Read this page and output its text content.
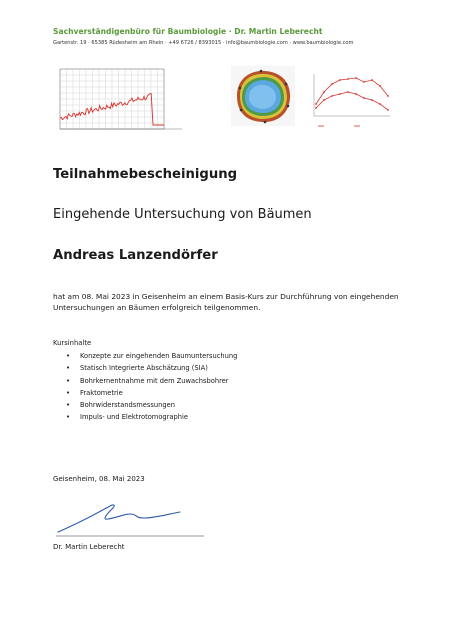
Sachverständigenbüro für Baumbiologie · Dr. Martin Leberecht
Gartenstr. 19 · 65385 Rüdesheim am Rhein · +49 6726 / 8393015 · info@baumbiologie.com · www.baumbiologie.com
Teilnahmebescheinigung
Eingehende Untersuchung von Bäumen
Andreas Lanzendörfer
hat am 08. Mai 2023 in Geisenheim an einem Basis-Kurs zur Durchführung von eingehenden Untersuchungen an Bäumen erfolgreich teilgenommen.
Kursinhalte
• Konzepte zur eingehenden Baumuntersuchung
• Statisch Integrierte Abschätzung (SIA)
• Bohrkernentnahme mit dem Zuwachsbohrer
• Fraktometrie
• Bohrwiderstandsmessungen
• Impuls- und Elektrotomographie
Geisenheim, 08. Mai 2023
Dr. Martin Leberecht
